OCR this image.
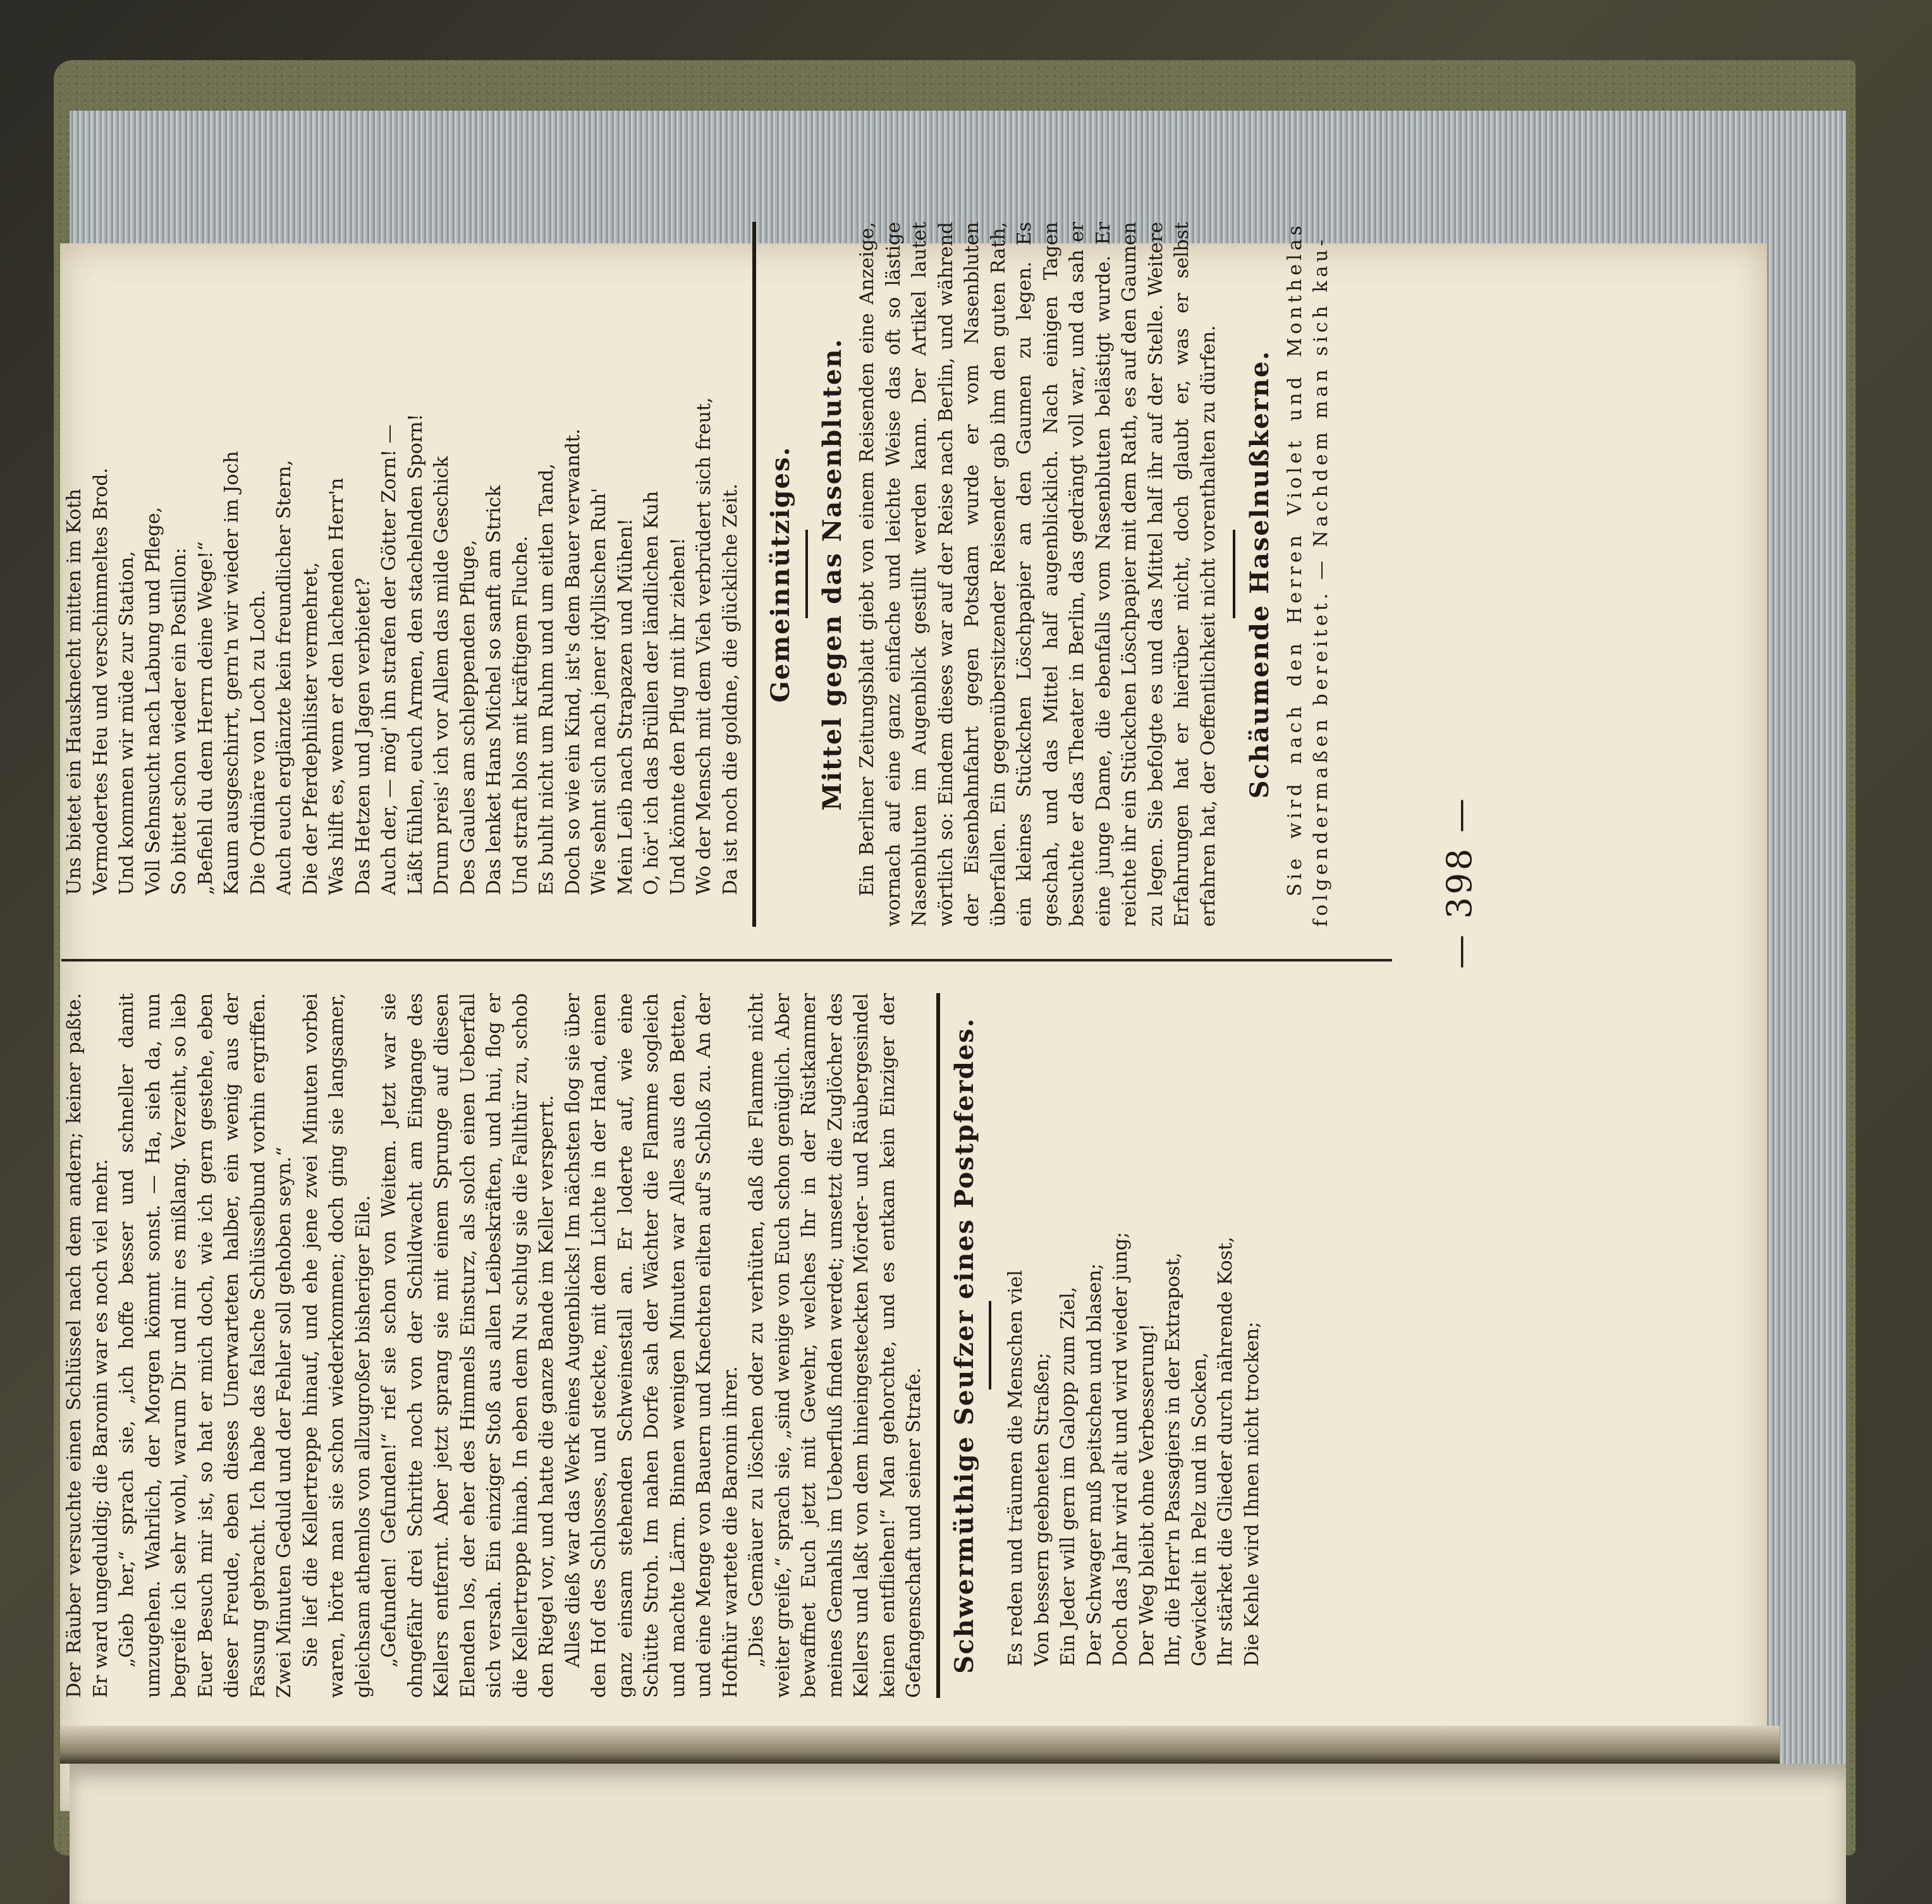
Der Räuber versuchte einen Schlüssel nach dem andern; keiner paßte. Er ward ungeduldig; die Baronin war es noch viel mehr. „Gieb her,“ sprach sie, „ich hoffe besser und schneller damit umzugehen. Wahrlich, der Morgen kömmt sonst. — Ha, sieh da, nun begreife ich sehr wohl, warum Dir und mir es mißlang. Verzeiht, so lieb Euer Besuch mir ist, so hat er mich doch, wie ich gern gestehe, eben dieser Freude, eben dieses Unerwarteten halber, ein wenig aus der Fassung gebracht. Ich habe das falsche Schlüsselbund vorhin ergriffen. Zwei Minuten Geduld und der Fehler soll gehoben seyn.“ Sie lief die Kellertreppe hinauf, und ehe jene zwei Minuten vorbei waren, hörte man sie schon wiederkommen; doch ging sie langsamer, gleichsam athemlos von allzugroßer bisheriger Eile. „Gefunden! Gefunden!“ rief sie schon von Weitem. Jetzt war sie ohngefähr drei Schritte noch von der Schildwacht am Eingange des Kellers entfernt. Aber jetzt sprang sie mit einem Sprunge auf diesen Elenden los, der eher des Himmels Einsturz, als solch einen Ueberfall sich versah. Ein einziger Stoß aus allen Leibeskräften, und hui, flog er die Kellertreppe hinab. In eben dem Nu schlug sie die Fallthür zu, schob den Riegel vor, und hatte die ganze Bande im Keller versperrt. Alles dieß war das Werk eines Augenblicks! Im nächsten flog sie über den Hof des Schlosses, und steckte, mit dem Lichte in der Hand, einen ganz einsam stehenden Schweinestall an. Er loderte auf, wie eine Schütte Stroh. Im nahen Dorfe sah der Wächter die Flamme sogleich und machte Lärm. Binnen wenigen Minuten war Alles aus den Betten, und eine Menge von Bauern und Knechten eilten auf's Schloß zu. An der Hofthür wartete die Baronin ihrer. „Dies Gemäuer zu löschen oder zu verhüten, daß die Flamme nicht weiter greife,“ sprach sie, „sind wenige von Euch schon genüglich. Aber bewaffnet Euch jetzt mit Gewehr, welches Ihr in der Rüstkammer meines Gemahls im Ueberfluß finden werdet; umsetzt die Zuglöcher des Kellers und laßt von dem hineingesteckten Mörder- und Räubergesindel keinen entfliehen!“ Man gehorchte, und es entkam kein Einziger der Gefangenschaft und seiner Strafe. Schwermüthige Seufzer eines Postpferdes. Es reden und träumen die Menschen viel Von bessern geebneten Straßen; Ein Jeder will gern im Galopp zum Ziel, Der Schwager muß peitschen und blasen; Doch das Jahr wird alt und wird wieder jung; Der Weg bleibt ohne Verbesserung! Ihr, die Herr'n Passagiers in der Extrapost, Gewickelt in Pelz und in Socken, Ihr stärket die Glieder durch nährende Kost, Die Kehle wird Ihnen nicht trocken;

Uns bietet ein Hausknecht mitten im Koth Vermodertes Heu und verschimmeltes Brod. Und kommen wir müde zur Station, Voll Sehnsucht nach Labung und Pflege, So bittet schon wieder ein Postillon: „Befiehl du dem Herrn deine Wege!“ Kaum ausgeschirrt, gern'n wir wieder im Joch Die Ordinäre von Loch zu Loch. Auch euch erglänzte kein freundlicher Stern, Die der Pferdephilister vermehret, Was hilft es, wenn er den lachenden Herr'n Das Hetzen und Jagen verbietet? Auch der, — mög' ihn strafen der Götter Zorn! — Läßt fühlen, euch Armen, den stachelnden Sporn! Drum preis' ich vor Allem das milde Geschick Des Gaules am schleppenden Pfluge, Das lenket Hans Michel so sanft am Strick Und straft blos mit kräftigem Fluche. Es buhlt nicht um Ruhm und um eitlen Tand, Doch so wie ein Kind, ist's dem Bauer verwandt. Wie sehnt sich nach jener idyllischen Ruh' Mein Leib nach Strapazen und Mühen! O, hör' ich das Brüllen der ländlichen Kuh Und könnte den Pflug mit ihr ziehen! Wo der Mensch mit dem Vieh verbrüdert sich freut, Da ist noch die goldne, die glückliche Zeit. Gemeinnütziges. Mittel gegen das Nasenbluten. Ein Berliner Zeitungsblatt giebt von einem Reisenden eine Anzeige, wornach auf eine ganz einfache und leichte Weise das oft so lästige Nasenbluten im Augenblick gestillt werden kann. Der Artikel lautet wörtlich so: Eindem dieses war auf der Reise nach Berlin, und während der Eisenbahnfahrt gegen Potsdam wurde er vom Nasenbluten überfallen. Ein gegenübersitzender Reisender gab ihm den guten Rath, ein kleines Stückchen Löschpapier an den Gaumen zu legen. Es geschah, und das Mittel half augenblicklich. Nach einigen Tagen besuchte er das Theater in Berlin, das gedrängt voll war, und da sah er eine junge Dame, die ebenfalls vom Nasenbluten belästigt wurde. Er reichte ihr ein Stückchen Löschpapier mit dem Rath, es auf den Gaumen zu legen. Sie befolgte es und das Mittel half ihr auf der Stelle. Weitere Erfahrungen hat er hierüber nicht, doch glaubt er, was er selbst erfahren hat, der Oeffentlichkeit nicht vorenthalten zu dürfen. Schäumende Haselnußkerne. Sie wird nach den Herren Violet und Monthelas folgendermaßen bereitet. — Nachdem man sich kau-	— 398 —
